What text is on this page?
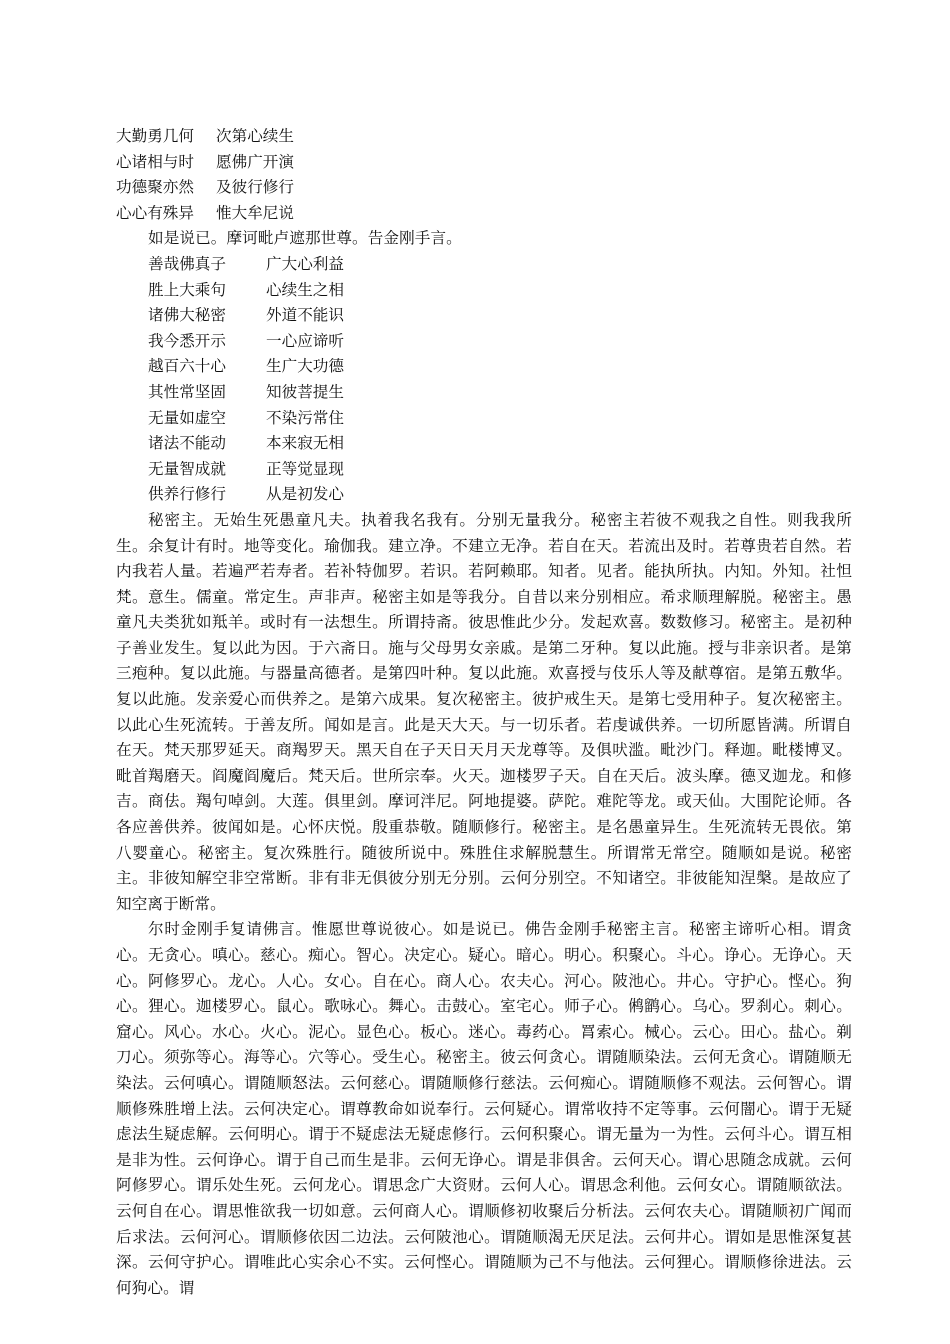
大勤勇几何	次第心续生
心诸相与时	愿佛广开演
功德聚亦然	及彼行修行
心心有殊异	惟大牟尼说

如是说已。摩诃毗卢遮那世尊。告金刚手言。

善哉佛真子	广大心利益
胜上大乘句	心续生之相
诸佛大秘密	外道不能识
我今悉开示	一心应谛听
越百六十心	生广大功德
其性常坚固	知彼菩提生
无量如虚空	不染污常住
诸法不能动	本来寂无相
无量智成就	正等觉显现
供养行修行	从是初发心

秘密主。无始生死愚童凡夫。执着我名我有。分别无量我分。秘密主若彼不观我之自性。则我我所生。余复计有时。地等变化。瑜伽我。建立净。不建立无净。若自在天。若流出及时。若尊贵若自然。若内我若人量。若遍严若寿者。若补特伽罗。若识。若阿赖耶。知者。见者。能执所执。内知。外知。社怛梵。意生。儒童。常定生。声非声。秘密主如是等我分。自昔以来分别相应。希求顺理解脱。秘密主。愚童凡夫类犹如羝羊。或时有一法想生。所谓持斋。彼思惟此少分。发起欢喜。数数修习。秘密主。是初种子善业发生。复以此为因。于六斋日。施与父母男女亲戚。是第二牙种。复以此施。授与非亲识者。是第三疱种。复以此施。与器量高德者。是第四叶种。复以此施。欢喜授与伎乐人等及献尊宿。是第五敷华。复以此施。发亲爱心而供养之。是第六成果。复次秘密主。彼护戒生天。是第七受用种子。复次秘密主。以此心生死流转。于善友所。闻如是言。此是天大天。与一切乐者。若虔诚供养。一切所愿皆满。所谓自在天。梵天那罗延天。商羯罗天。黑天自在子天日天月天龙尊等。及俱吠滥。毗沙门。释迦。毗楼博叉。毗首羯磨天。阎魔阎魔后。梵天后。世所宗奉。火天。迦楼罗子天。自在天后。波头摩。德叉迦龙。和修吉。商佉。羯句啅剑。大莲。俱里剑。摩诃泮尼。阿地提婆。萨陀。难陀等龙。或天仙。大围陀论师。各各应善供养。彼闻如是。心怀庆悦。殷重恭敬。随顺修行。秘密主。是名愚童异生。生死流转无畏依。第八婴童心。秘密主。复次殊胜行。随彼所说中。殊胜住求解脱慧生。所谓常无常空。随顺如是说。秘密主。非彼知解空非空常断。非有非无俱彼分别无分别。云何分别空。不知诸空。非彼能知涅槃。是故应了知空离于断常。

尔时金刚手复请佛言。惟愿世尊说彼心。如是说已。佛告金刚手秘密主言。秘密主谛听心相。谓贪心。无贪心。嗔心。慈心。痴心。智心。决定心。疑心。暗心。明心。积聚心。斗心。诤心。无诤心。天心。阿修罗心。龙心。人心。女心。自在心。商人心。农夫心。河心。陂池心。井心。守护心。悭心。狗心。狸心。迦楼罗心。鼠心。歌咏心。舞心。击鼓心。室宅心。师子心。鸺鹠心。乌心。罗刹心。刺心。窟心。风心。水心。火心。泥心。显色心。板心。迷心。毒药心。罥索心。械心。云心。田心。盐心。剃刀心。须弥等心。海等心。穴等心。受生心。秘密主。彼云何贪心。谓随顺染法。云何无贪心。谓随顺无染法。云何嗔心。谓随顺怒法。云何慈心。谓随顺修行慈法。云何痴心。谓随顺修不观法。云何智心。谓顺修殊胜增上法。云何决定心。谓尊教命如说奉行。云何疑心。谓常收持不定等事。云何闇心。谓于无疑虑法生疑虑解。云何明心。谓于不疑虑法无疑虑修行。云何积聚心。谓无量为一为性。云何斗心。谓互相是非为性。云何诤心。谓于自己而生是非。云何无诤心。谓是非俱舍。云何天心。谓心思随念成就。云何阿修罗心。谓乐处生死。云何龙心。谓思念广大资财。云何人心。谓思念利他。云何女心。谓随顺欲法。云何自在心。谓思惟欲我一切如意。云何商人心。谓顺修初收聚后分析法。云何农夫心。谓随顺初广闻而后求法。云何河心。谓顺修依因二边法。云何陂池心。谓随顺渴无厌足法。云何井心。谓如是思惟深复甚深。云何守护心。谓唯此心实余心不实。云何悭心。谓随顺为己不与他法。云何狸心。谓顺修徐进法。云何狗心。谓
